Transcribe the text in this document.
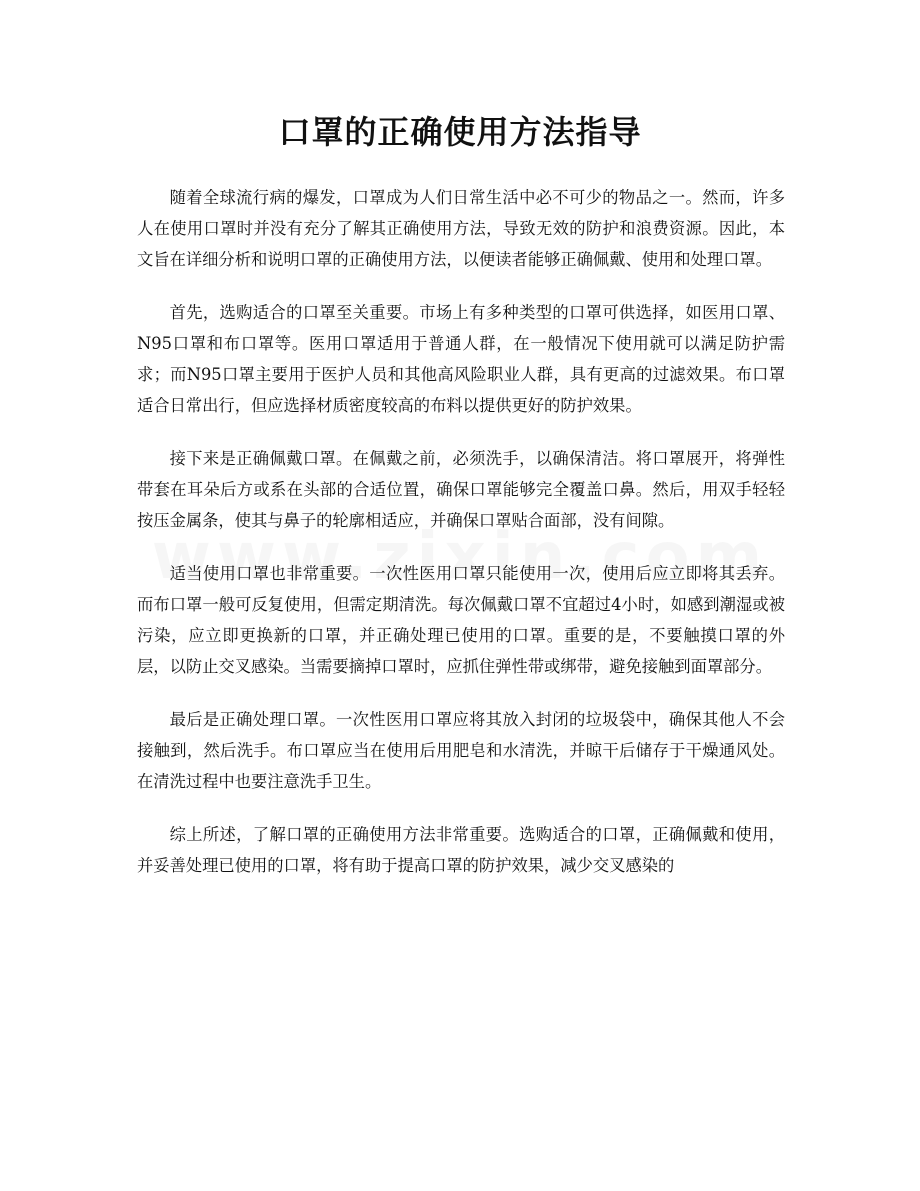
口罩的正确使用方法指导

随着全球流行病的爆发，口罩成为人们日常生活中必不可少的物品之一。然而，许多人在使用口罩时并没有充分了解其正确使用方法，导致无效的防护和浪费资源。因此，本文旨在详细分析和说明口罩的正确使用方法，以便读者能够正确佩戴、使用和处理口罩。

首先，选购适合的口罩至关重要。市场上有多种类型的口罩可供选择，如医用口罩、N95口罩和布口罩等。医用口罩适用于普通人群，在一般情况下使用就可以满足防护需求；而N95口罩主要用于医护人员和其他高风险职业人群，具有更高的过滤效果。布口罩适合日常出行，但应选择材质密度较高的布料以提供更好的防护效果。

接下来是正确佩戴口罩。在佩戴之前，必须洗手，以确保清洁。将口罩展开，将弹性带套在耳朵后方或系在头部的合适位置，确保口罩能够完全覆盖口鼻。然后，用双手轻轻按压金属条，使其与鼻子的轮廓相适应，并确保口罩贴合面部，没有间隙。

适当使用口罩也非常重要。一次性医用口罩只能使用一次，使用后应立即将其丢弃。而布口罩一般可反复使用，但需定期清洗。每次佩戴口罩不宜超过4小时，如感到潮湿或被污染，应立即更换新的口罩，并正确处理已使用的口罩。重要的是，不要触摸口罩的外层，以防止交叉感染。当需要摘掉口罩时，应抓住弹性带或绑带，避免接触到面罩部分。

最后是正确处理口罩。一次性医用口罩应将其放入封闭的垃圾袋中，确保其他人不会接触到，然后洗手。布口罩应当在使用后用肥皂和水清洗，并晾干后储存于干燥通风处。在清洗过程中也要注意洗手卫生。

综上所述，了解口罩的正确使用方法非常重要。选购适合的口罩，正确佩戴和使用，并妥善处理已使用的口罩，将有助于提高口罩的防护效果，减少交叉感染的
